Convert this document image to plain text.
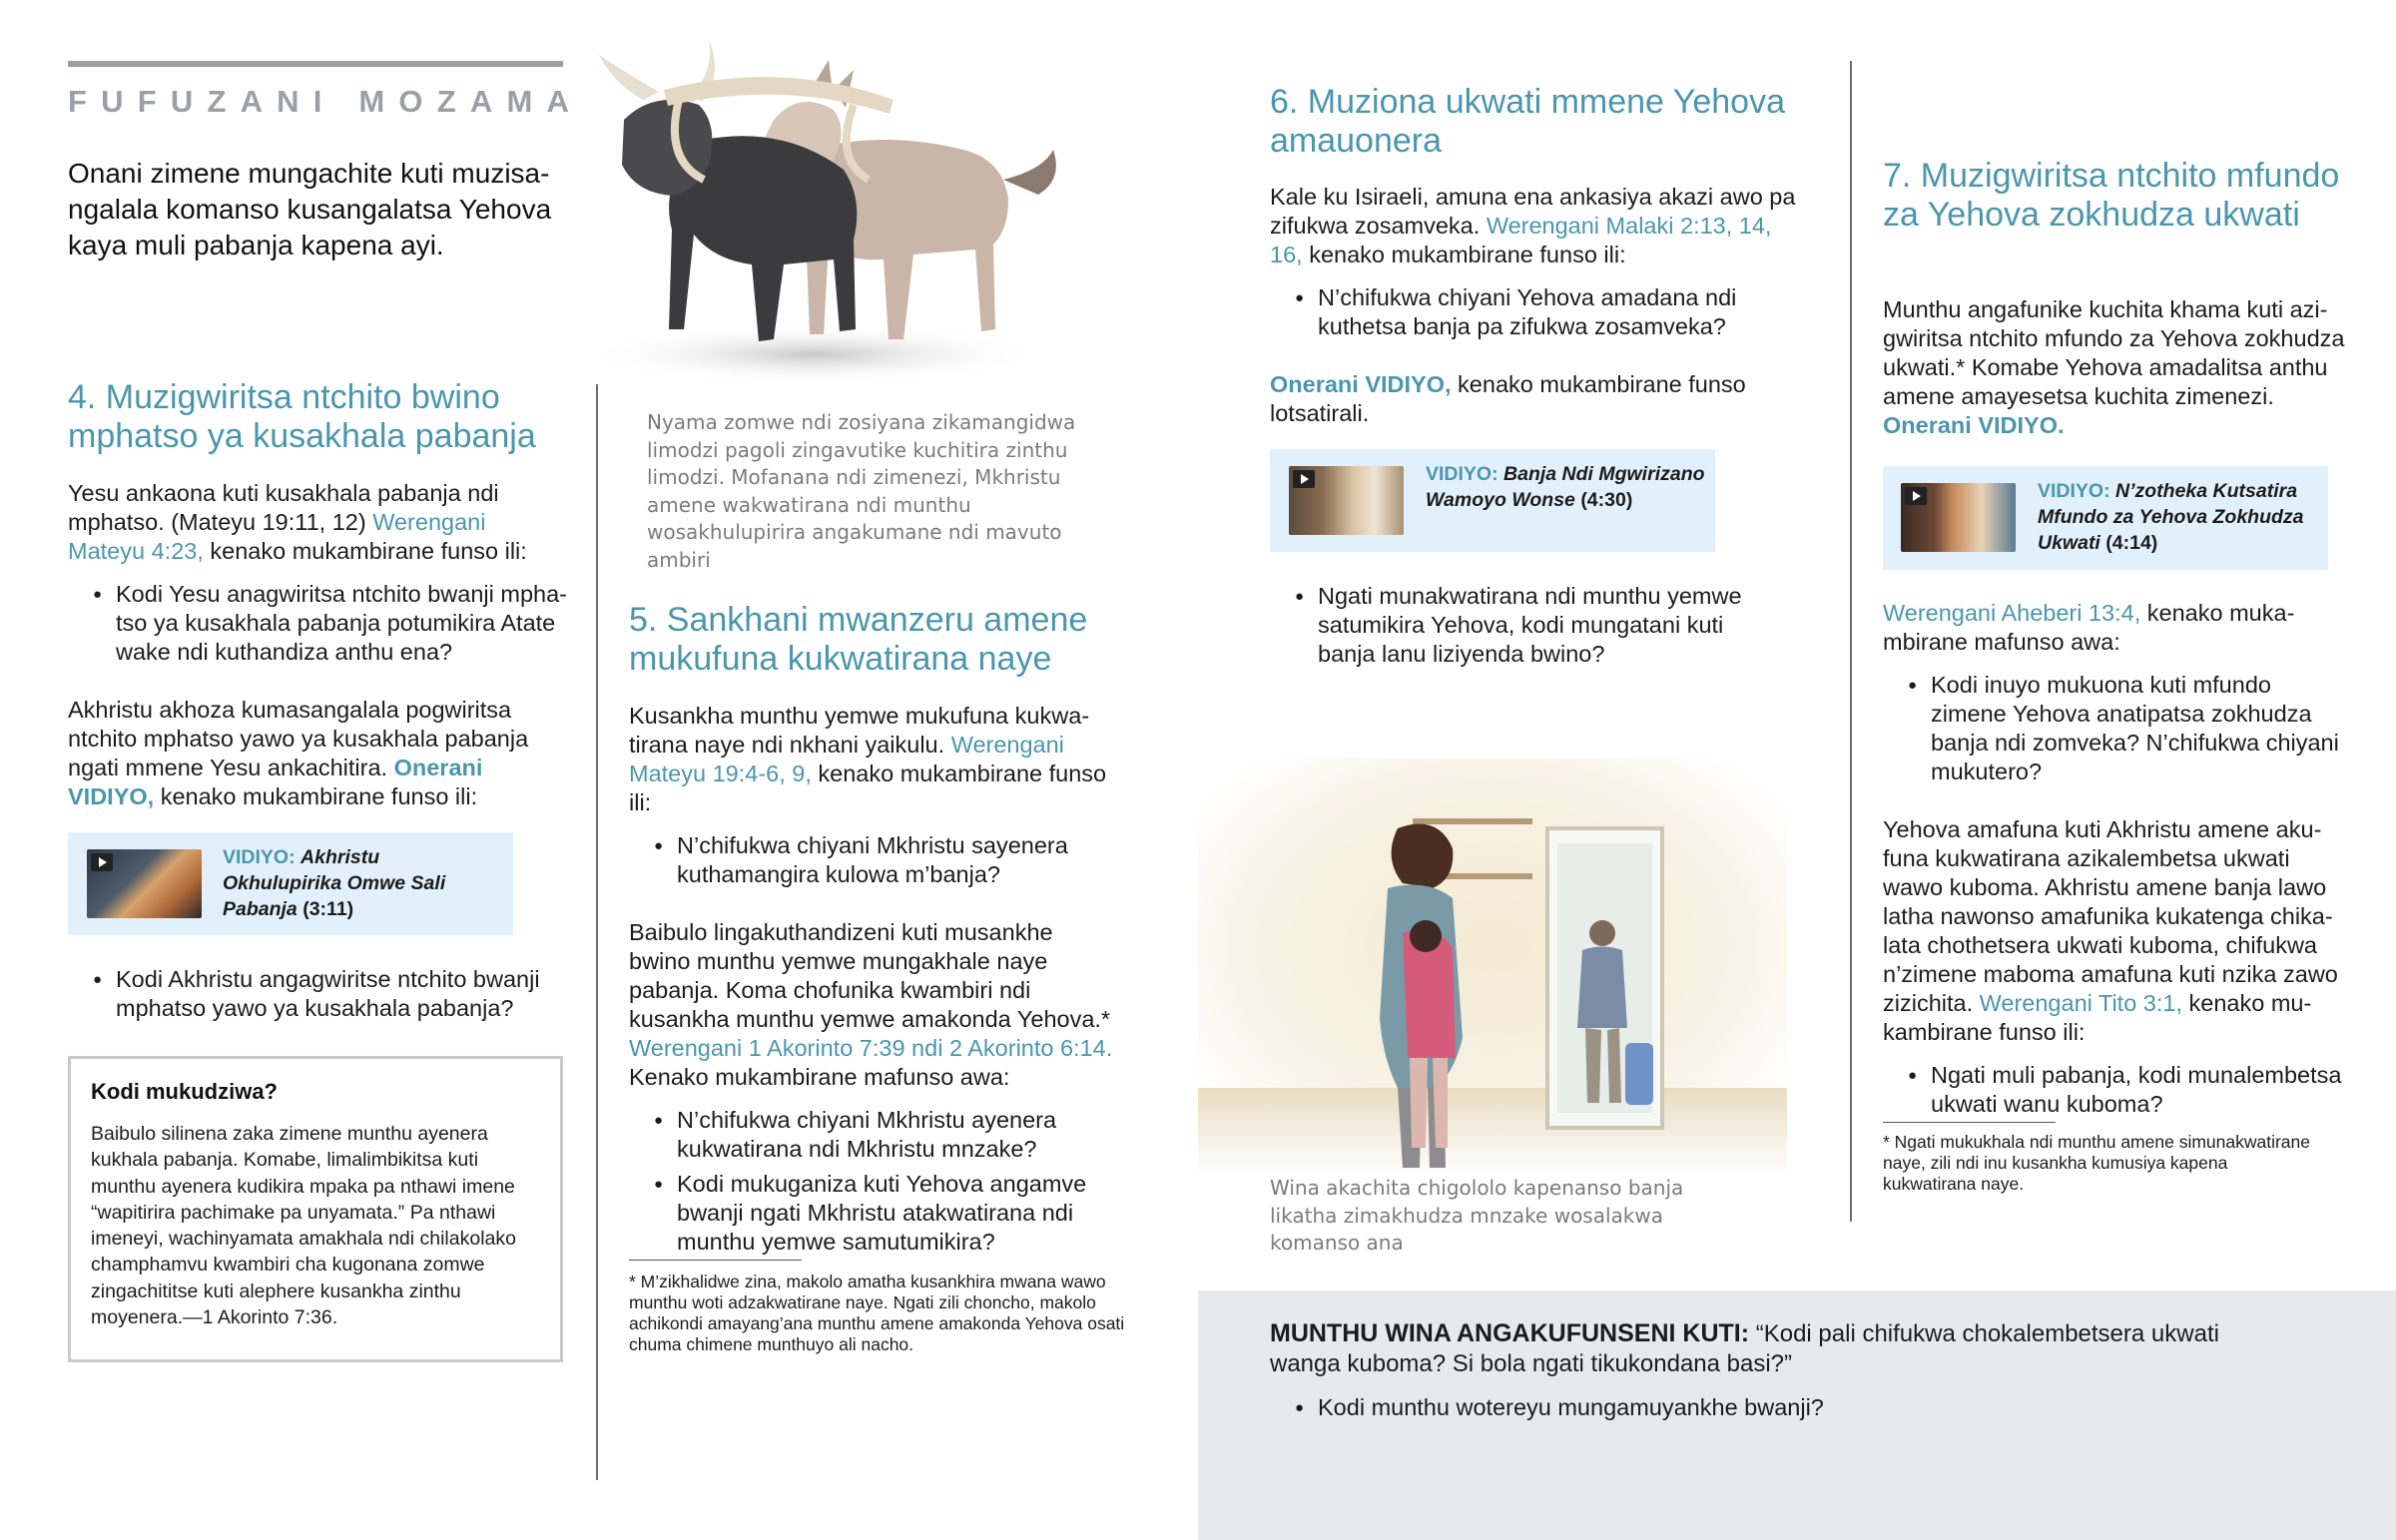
FUFUZANI MOZAMA
Onani zimene mungachite kuti muzisangalala komanso kusangalatsa Yehova kaya muli pabanja kapena ayi.
4. Muzigwiritsa ntchito bwino mphatso ya kusakhala pabanja

Yesu ankaona kuti kusakhala pabanja ndi mphatso. (Mateyu 19:11, 12) Werengani Mateyu 4:23, kenako mukambirane funso ili:

● Kodi Yesu anagwiritsa ntchito bwanji mphatso ya kusakhala pabanja potumikira Atate wake ndi kuthandiza anthu ena?

Akhristu akhoza kumasangalala pogwiritsa ntchito mphatso yawo ya kusakhala pabanja ngati mmene Yesu ankachitira. Onerani VIDIYO, kenako mukambirane funso ili:

VIDIYO: Akhristu Okhulupirika Omwe Sali Pabanja (3:11)
● Kodi Akhristu angagwiritse ntchito bwanji mphatso yawo ya kusakhala pabanja?
Kodi mukudziwa?
Baibulo silinena zaka zimene munthu ayenera kukhala pabanja. Komabe, limalimbikitsa kuti munthu ayenera kudikira mpaka pa nthawi imene “wapitirira pachimake pa unyamata.” Pa nthawi imeneyi, wachinyamata amakhala ndi chilakolako champhamvu kwambiri cha kugonana zomwe zingachititse kuti alephere kusankha zinthu moyenera.—1 Akorinto 7:36.
Nyama zomwe ndi zosiyana zikamangidwa limodzi pagoli zingavutike kuchitira zinthu limodzi. Mofanana ndi zimenezi, Mkhristu amene wakwatirana ndi munthu wosakhulupirira angakumane ndi mavuto ambiri
5. Sankhani mwanzeru amene mukufuna kukwatirana naye

Kusankha munthu yemwe mukufuna kukwatirana naye ndi nkhani yaikulu. Werengani Mateyu 19:4-6, 9, kenako mukambirane funso ili:

● N’chifukwa chiyani Mkhristu sayenera kuthamangira kulowa m’banja?

Baibulo lingakuthandizeni kuti musankhe bwino munthu yemwe mungakhale naye pabanja. Koma chofunika kwambiri ndi kusankha munthu yemwe amakonda Yehova.* Werengani 1 Akorinto 7:39 ndi 2 Akorinto 6:14. Kenako mukambirane mafunso awa:

● N’chifukwa chiyani Mkhristu ayenera kukwatirana ndi Mkhristu mnzake?
● Kodi mukuganiza kuti Yehova angamve bwanji ngati Mkhristu atakwatirana ndi munthu yemwe samutumikira?
* M’zikhalidwe zina, makolo amatha kusankhira mwana wawo munthu woti adzakwatirane naye. Ngati zili choncho, makolo achikondi amayang’ana munthu amene amakonda Yehova osati chuma chimene munthuyo ali nacho.
6. Muziona ukwati mmene Yehova amauonera

Kale ku Isiraeli, amuna ena ankasiya akazi awo pa zifukwa zosamveka. Werengani Malaki 2:13, 14, 16, kenako mukambirane funso ili:

● N’chifukwa chiyani Yehova amadana ndi kuthetsa banja pa zifukwa zosamveka?

Onerani VIDIYO, kenako mukambirane funso lotsatirali.

VIDIYO: Banja Ndi Mgwirizano Wamoyo Wonse (4:30)
● Ngati munakwatirana ndi munthu yemwe satumikira Yehova, kodi mungatani kuti banja lanu liziyenda bwino?
Wina akachita chigololo kapenanso banja likatha zimakhudza mnzake wosalakwa komanso ana
7. Muzigwiritsa ntchito mfundo za Yehova zokhudza ukwati

Munthu angafunike kuchita khama kuti azigwiritsa ntchito mfundo za Yehova zokhudza ukwati.* Komabe Yehova amadalitsa anthu amene amayesetsa kuchita zimenezi. Onerani VIDIYO.

VIDIYO: N’zotheka Kutsatira Mfundo za Yehova Zokhudza Ukwati (4:14)

Werengani Aheberi 13:4, kenako mukambirane mafunso awa:

● Kodi inuyo mukuona kuti mfundo zimene Yehova anatipatsa zokhudza banja ndi zomveka? N’chifukwa chiyani mukutero?

Yehova amafuna kuti Akhristu amene akufuna kukwatirana azikalembetsa ukwati wawo kuboma. Akhristu amene banja lawo latha nawonso amafunika kukatenga chikalata chothetsera ukwati kuboma, chifukwa n’zimene maboma amafuna kuti nzika zawo zizichita. Werengani Tito 3:1, kenako mukambirane funso ili:

● Ngati muli pabanja, kodi munalembetsa ukwati wanu kuboma?
* Ngati mukukhala ndi munthu amene simunakwatirane naye, zili ndi inu kusankha kumusiya kapena kukwatirana naye.
MUNTHU WINA ANGAKUFUNSENI KUTI: “Kodi pali chifukwa chokalembetsera ukwati wanga kuboma? Si bola ngati tikukondana basi?”
● Kodi munthu wotereyu mungamuyankhe bwanji?
